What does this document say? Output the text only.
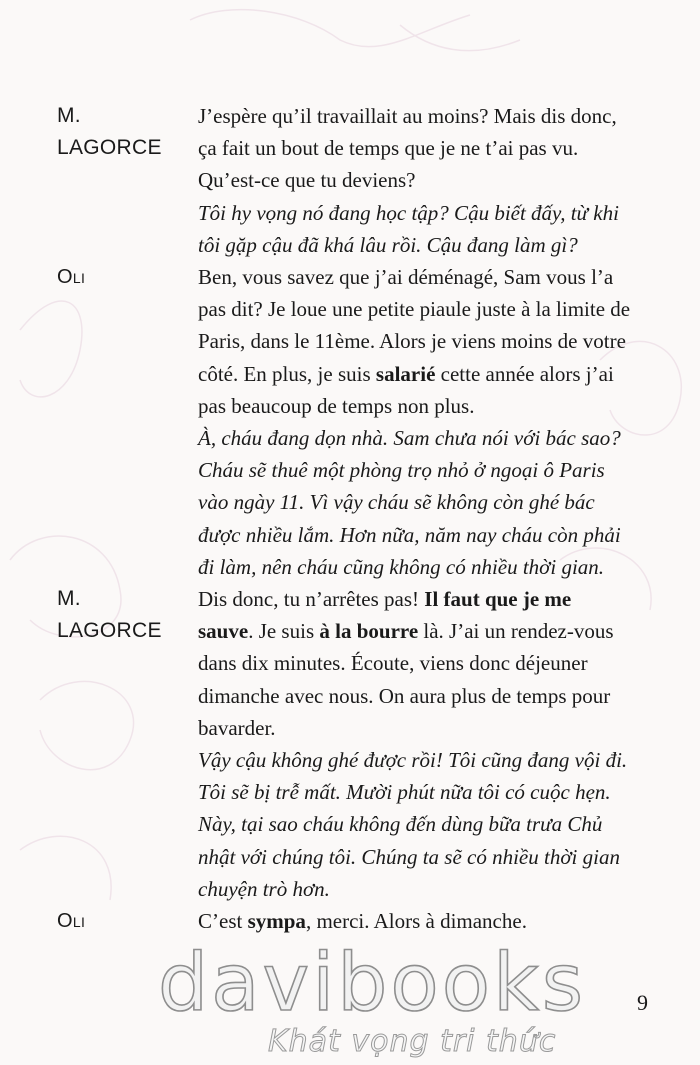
M.
LAGORCE
J’espère qu’il travaillait au moins? Mais dis donc,
ça fait un bout de temps que je ne t’ai pas vu.
Qu’est-ce que tu deviens?
Tôi hy vọng nó đang học tập? Cậu biết đấy, từ khi
tôi gặp cậu đã khá lâu rồi. Cậu đang làm gì?
Oli	Ben, vous savez que j’ai déménagé, Sam vous l’a
pas dit? Je loue une petite piaule juste à la limite de
Paris, dans le 11ème. Alors je viens moins de votre
côté. En plus, je suis salarié cette année alors j’ai
pas beaucoup de temps non plus.
À, cháu đang dọn nhà. Sam chưa nói với bác sao?
Cháu sẽ thuê một phòng trọ nhỏ ở ngoại ô Paris
vào ngày 11. Vì vậy cháu sẽ không còn ghé bác
được nhiều lắm. Hơn nữa, năm nay cháu còn phải
đi làm, nên cháu cũng không có nhiều thời gian.
M.
LAGORCE
Dis donc, tu n’arrêtes pas! Il faut que je me
sauve. Je suis à la bourre là. J’ai un rendez-vous
dans dix minutes. Écoute, viens donc déjeuner
dimanche avec nous. On aura plus de temps pour
bavarder.
Vậy cậu không ghé được rồi! Tôi cũng đang vội đi.
Tôi sẽ bị trễ mất. Mười phút nữa tôi có cuộc hẹn.
Này, tại sao cháu không đến dùng bữa trưa Chủ
nhật với chúng tôi. Chúng ta sẽ có nhiều thời gian
chuyện trò hơn.
Oli	C’est sympa, merci. Alors à dimanche.
9
davibooks
Khát vọng tri thức
